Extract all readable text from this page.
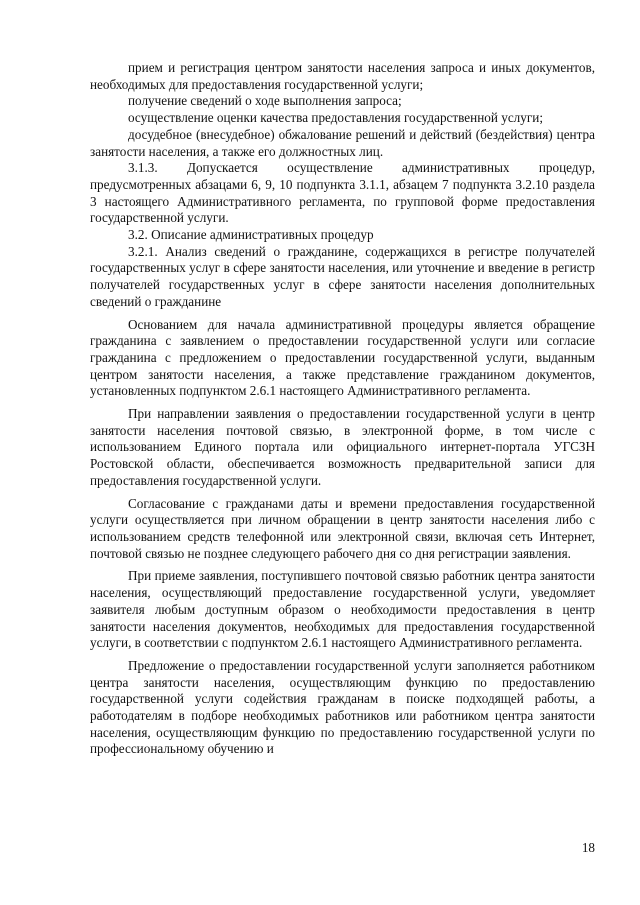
прием и регистрация центром занятости населения запроса и иных документов, необходимых для предоставления государственной услуги;

получение сведений о ходе выполнения запроса;

осуществление оценки качества предоставления государственной услуги;

досудебное (внесудебное) обжалование решений и действий (бездействия) центра занятости населения, а также его должностных лиц.

3.1.3. Допускается осуществление административных процедур, предусмотренных абзацами 6, 9, 10 подпункта 3.1.1, абзацем 7 подпункта 3.2.10 раздела 3 настоящего Административного регламента, по групповой форме предоставления государственной услуги.

3.2. Описание административных процедур

3.2.1. Анализ сведений о гражданине, содержащихся в регистре получателей государственных услуг в сфере занятости населения, или уточнение и введение в регистр получателей государственных услуг в сфере занятости населения дополнительных сведений о гражданине

Основанием для начала административной процедуры является обращение гражданина с заявлением о предоставлении государственной услуги или согласие гражданина с предложением о предоставлении государственной услуги, выданным центром занятости населения, а также представление гражданином документов, установленных подпунктом 2.6.1 настоящего Административного регламента.

При направлении заявления о предоставлении государственной услуги в центр занятости населения почтовой связью, в электронной форме, в том числе с использованием Единого портала или официального интернет-портала УГСЗН Ростовской области, обеспечивается возможность предварительной записи для предоставления государственной услуги.

Согласование с гражданами даты и времени предоставления государственной услуги осуществляется при личном обращении в центр занятости населения либо с использованием средств телефонной или электронной связи, включая сеть Интернет, почтовой связью не позднее следующего рабочего дня со дня регистрации заявления.

При приеме заявления, поступившего почтовой связью работник центра занятости населения, осуществляющий предоставление государственной услуги, уведомляет заявителя любым доступным образом о необходимости предоставления в центр занятости населения документов, необходимых для предоставления государственной услуги, в соответствии с подпунктом 2.6.1 настоящего Административного регламента.

Предложение о предоставлении государственной услуги заполняется работником центра занятости населения, осуществляющим функцию по предоставлению государственной услуги содействия гражданам в поиске подходящей работы, а работодателям в подборе необходимых работников или работником центра занятости населения, осуществляющим функцию по предоставлению государственной услуги по профессиональному обучению и

18
